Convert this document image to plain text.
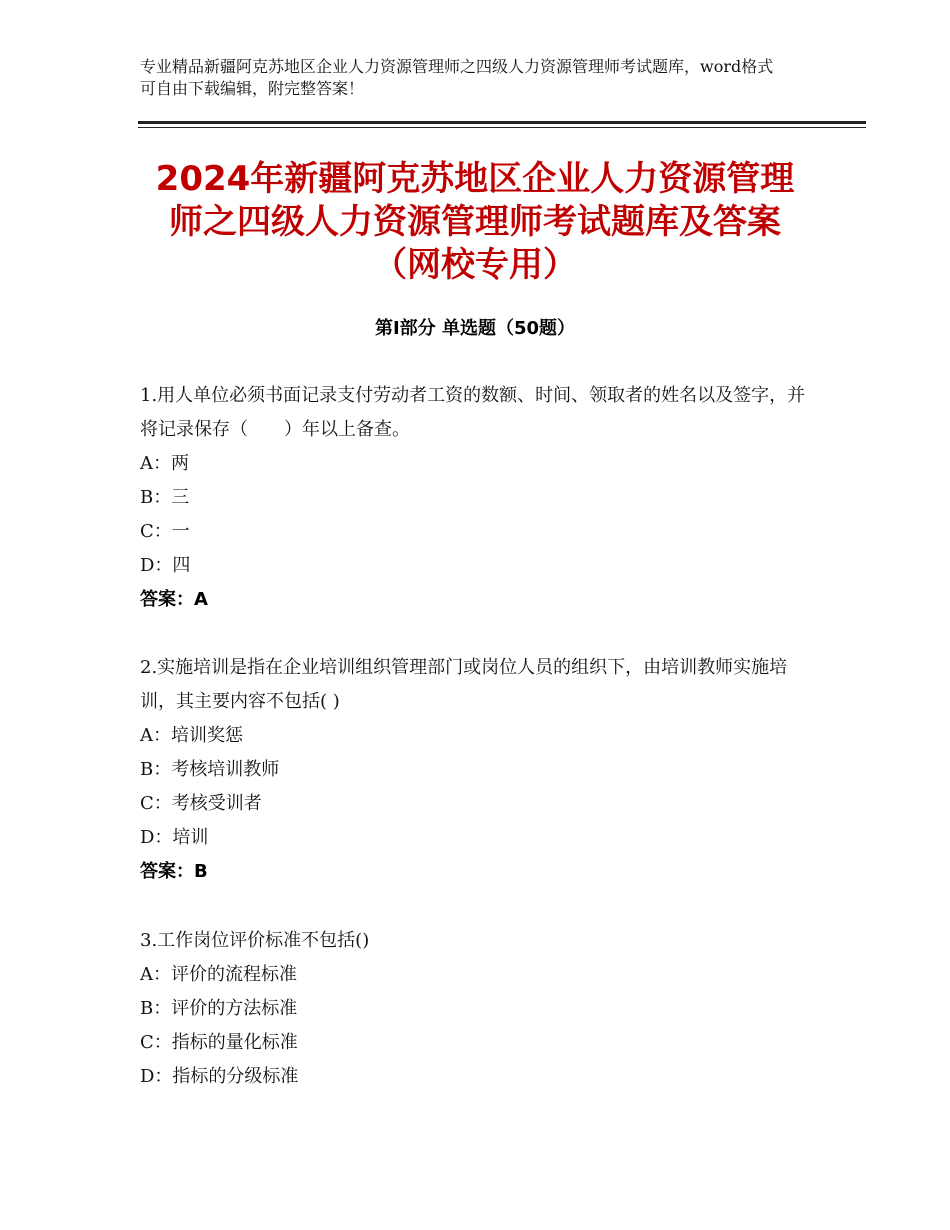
专业精品新疆阿克苏地区企业人力资源管理师之四级人力资源管理师考试题库，word格式可自由下载编辑，附完整答案！
2024年新疆阿克苏地区企业人力资源管理师之四级人力资源管理师考试题库及答案（网校专用）
第Ⅰ部分 单选题（50题）
1.用人单位必须书面记录支付劳动者工资的数额、时间、领取者的姓名以及签字，并将记录保存（　　）年以上备查。
A：两
B：三
C：一
D：四
答案：A
2.实施培训是指在企业培训组织管理部门或岗位人员的组织下，由培训教师实施培训，其主要内容不包括( )
A：培训奖惩
B：考核培训教师
C：考核受训者
D：培训
答案：B
3.工作岗位评价标准不包括()
A：评价的流程标准
B：评价的方法标准
C：指标的量化标准
D：指标的分级标准
